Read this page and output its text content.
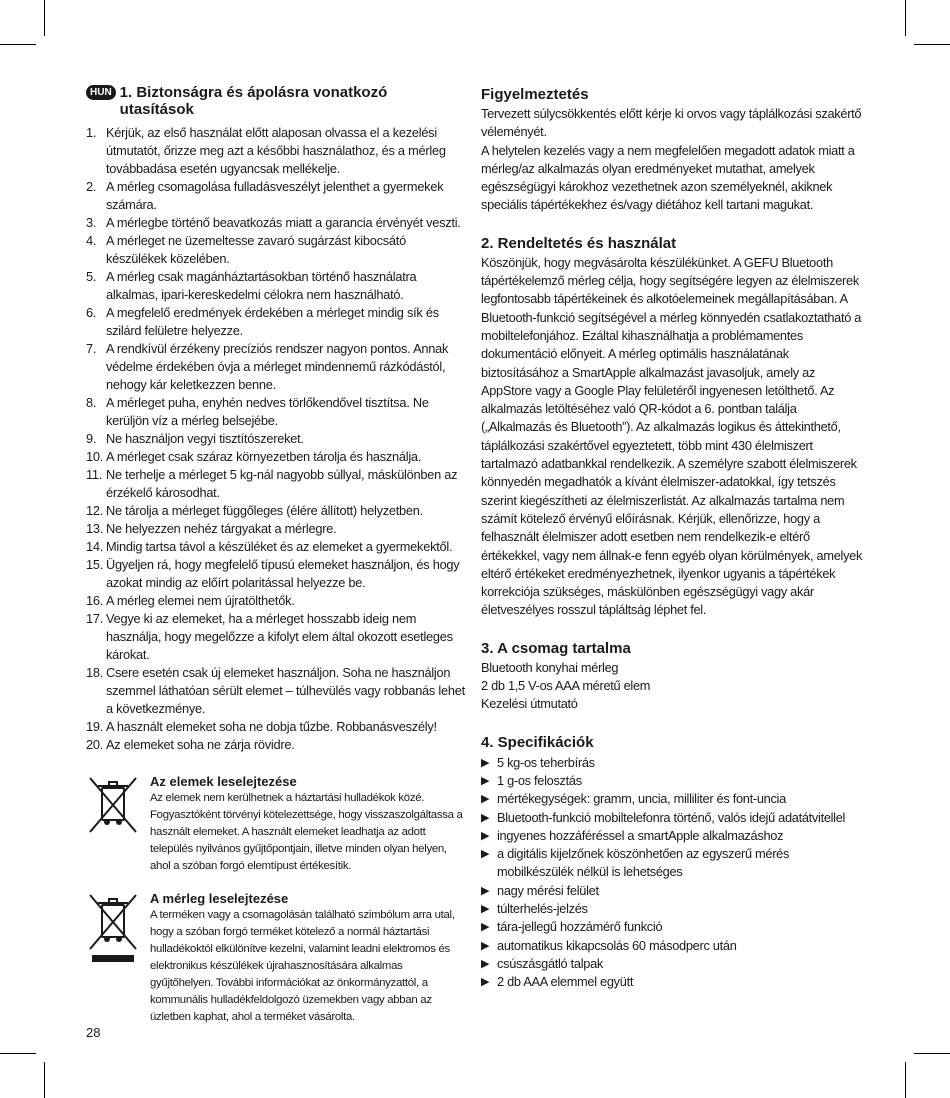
HUN 1. Biztonságra és ápolásra vonatkozó
utasítások
1. Kérjük, az első használat előtt alaposan olvassa el a kezelési útmutatót, őrizze meg azt a későbbi használathoz, és a mérleg továbbadása esetén ugyancsak mellékelje.
2. A mérleg csomagolása fulladásveszélyt jelenthet a gyermekek számára.
3. A mérlegbe történő beavatkozás miatt a garancia érvényét veszti.
4. A mérleget ne üzemeltesse zavaró sugárzást kibocsátó készülékek közelében.
5. A mérleg csak magánháztartásokban történő használatra alkalmas, ipari-kereskedelmi célokra nem használható.
6. A megfelelő eredmények érdekében a mérleget mindig sík és szilárd felületre helyezze.
7. A rendkívül érzékeny precíziós rendszer nagyon pontos. Annak védelme érdekében óvja a mérleget mindennemű rázkódástól, nehogy kár keletkezzen benne.
8. A mérleget puha, enyhén nedves törlőkendővel tisztítsa. Ne kerüljön víz a mérleg belsejébe.
9. Ne használjon vegyi tisztítószereket.
10. A mérleget csak száraz környezetben tárolja és használja.
11. Ne terhelje a mérleget 5 kg-nál nagyobb súllyal, máskülönben az érzékelő károsodhat.
12. Ne tárolja a mérleget függőleges (élére állított) helyzetben.
13. Ne helyezzen nehéz tárgyakat a mérlegre.
14. Mindig tartsa távol a készüléket és az elemeket a gyermekektől.
15. Ügyeljen rá, hogy megfelelő típusú elemeket használjon, és hogy azokat mindig az előírt polaritással helyezze be.
16. A mérleg elemei nem újratölthetők.
17. Vegye ki az elemeket, ha a mérleget hosszabb ideig nem használja, hogy megelőzze a kifolyt elem által okozott esetleges károkat.
18. Csere esetén csak új elemeket használjon. Soha ne használjon szemmel láthatóan sérült elemet – túlhevülés vagy robbanás lehet a következménye.
19. A használt elemeket soha ne dobja tűzbe. Robbanásveszély!
20. Az elemeket soha ne zárja rövidre.
Az elemek leselejtezése
Az elemek nem kerülhetnek a háztartási hulladékok közé. Fogyasztóként törvényi kötelezettsége, hogy visszaszolgáltassa a használt elemeket. A használt elemeket leadhatja az adott település nyilvános gyűjtőpontjain, illetve minden olyan helyen, ahol a szóban forgó elemtípust értékesítik.
A mérleg leselejtezése
A terméken vagy a csomagolásán található szimbólum arra utal, hogy a szóban forgó terméket kötelező a normál háztartási hulladékoktól elkülönítve kezelni, valamint leadni elektromos és elektronikus készülékek újrahasznosítására alkalmas gyűjtőhelyen. További információkat az önkormányzattól, a kommunális hulladékfeldolgozó üzemekben vagy abban az üzletben kaphat, ahol a terméket vásárolta.
Figyelmeztetés
Tervezett súlycsökkentés előtt kérje ki orvos vagy táplálkozási szakértő véleményét.
A helytelen kezelés vagy a nem megfelelően megadott adatok miatt a mérleg/az alkalmazás olyan eredményeket mutathat, amelyek egészségügyi károkhoz vezethetnek azon személyeknél, akiknek speciális tápértékekhez és/vagy diétához kell tartani magukat.
2. Rendeltetés és használat
Köszönjük, hogy megvásárolta készülékünket. A GEFU Bluetooth tápértékelemző mérleg célja, hogy segítségére legyen az élelmiszerek legfontosabb tápértékeinek és alkotóelemeinek megállapításában. A Bluetooth-funkció segítségével a mérleg könnyedén csatlakoztatható a mobiltelefonjához. Ezáltal kihasználhatja a problémamentes dokumentáció előnyeit. A mérleg optimális használatának biztosításához a SmartApple alkalmazást javasoljuk, amely az AppStore vagy a Google Play felületéről ingyenesen letölthető. Az alkalmazás letöltéséhez való QR-kódot a 6. pontban találja („Alkalmazás és Bluetooth”). Az alkalmazás logikus és áttekinthető, táplálkozási szakértővel egyeztetett, több mint 430 élelmiszert tartalmazó adatbankkal rendelkezik. A személyre szabott élelmiszerek könnyedén megadhatók a kívánt élelmiszer-adatokkal, így tetszés szerint kiegészítheti az élelmiszerlistát. Az alkalmazás tartalma nem számít kötelező érvényű előírásnak. Kérjük, ellenőrizze, hogy a felhasznált élelmiszer adott esetben nem rendelkezik-e eltérő értékekkel, vagy nem állnak-e fenn egyéb olyan körülmények, amelyek eltérő értékeket eredményezhetnek, ilyenkor ugyanis a tápértékek korrekciója szükséges, máskülönben egészségügyi vagy akár életveszélyes rosszul tápláltság léphet fel.
3. A csomag tartalma
Bluetooth konyhai mérleg
2 db 1,5 V-os AAA méretű elem
Kezelési útmutató
4. Specifikációk
▶ 5 kg-os teherbírás
▶ 1 g-os felosztás
▶ mértékegységek: gramm, uncia, milliliter és font-uncia
▶ Bluetooth-funkció mobiltelefonra történő, valós idejű adatátvitellel
▶ ingyenes hozzáféréssel a smartApple alkalmazáshoz
▶ a digitális kijelzőnek köszönhetően az egyszerű mérés mobilkészülék nélkül is lehetséges
▶ nagy mérési felület
▶ túlterhelés-jelzés
▶ tára-jellegű hozzámérő funkció
▶ automatikus kikapcsolás 60 másodperc után
▶ csúszásgátló talpak
▶ 2 db AAA elemmel együtt
28
